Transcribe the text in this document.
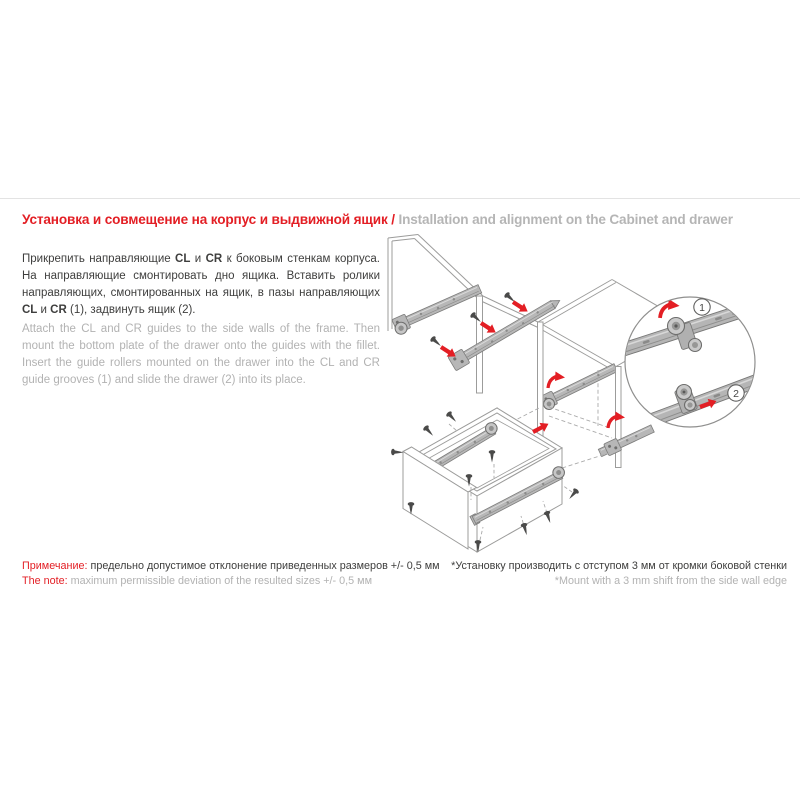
Установка и совмещение на корпус и выдвижной ящик / Installation and alignment on the Cabinet and drawer

Прикрепить направляющие CL и CR к боковым стенкам корпуса. На направляющие смонтировать дно ящика. Вставить ролики направляющих, смонтированных на ящик, в пазы направляющих CL и CR (1), задвинуть ящик (2).

Attach the CL and CR guides to the side walls of the frame. Then mount the bottom plate of the drawer onto the guides with the fillet. Insert the guide rollers mounted on the drawer into the CL and CR guide grooves (1) and slide the drawer (2) into its place.

Примечание: предельно допустимое отклонение приведенных размеров +/- 0,5 мм
The note: maximum permissible deviation of the resulted sizes +/- 0,5 мм
*Установку производить с отступом 3 мм от кромки боковой стенки
*Mount with a 3 mm shift from the side wall edge
1
2
